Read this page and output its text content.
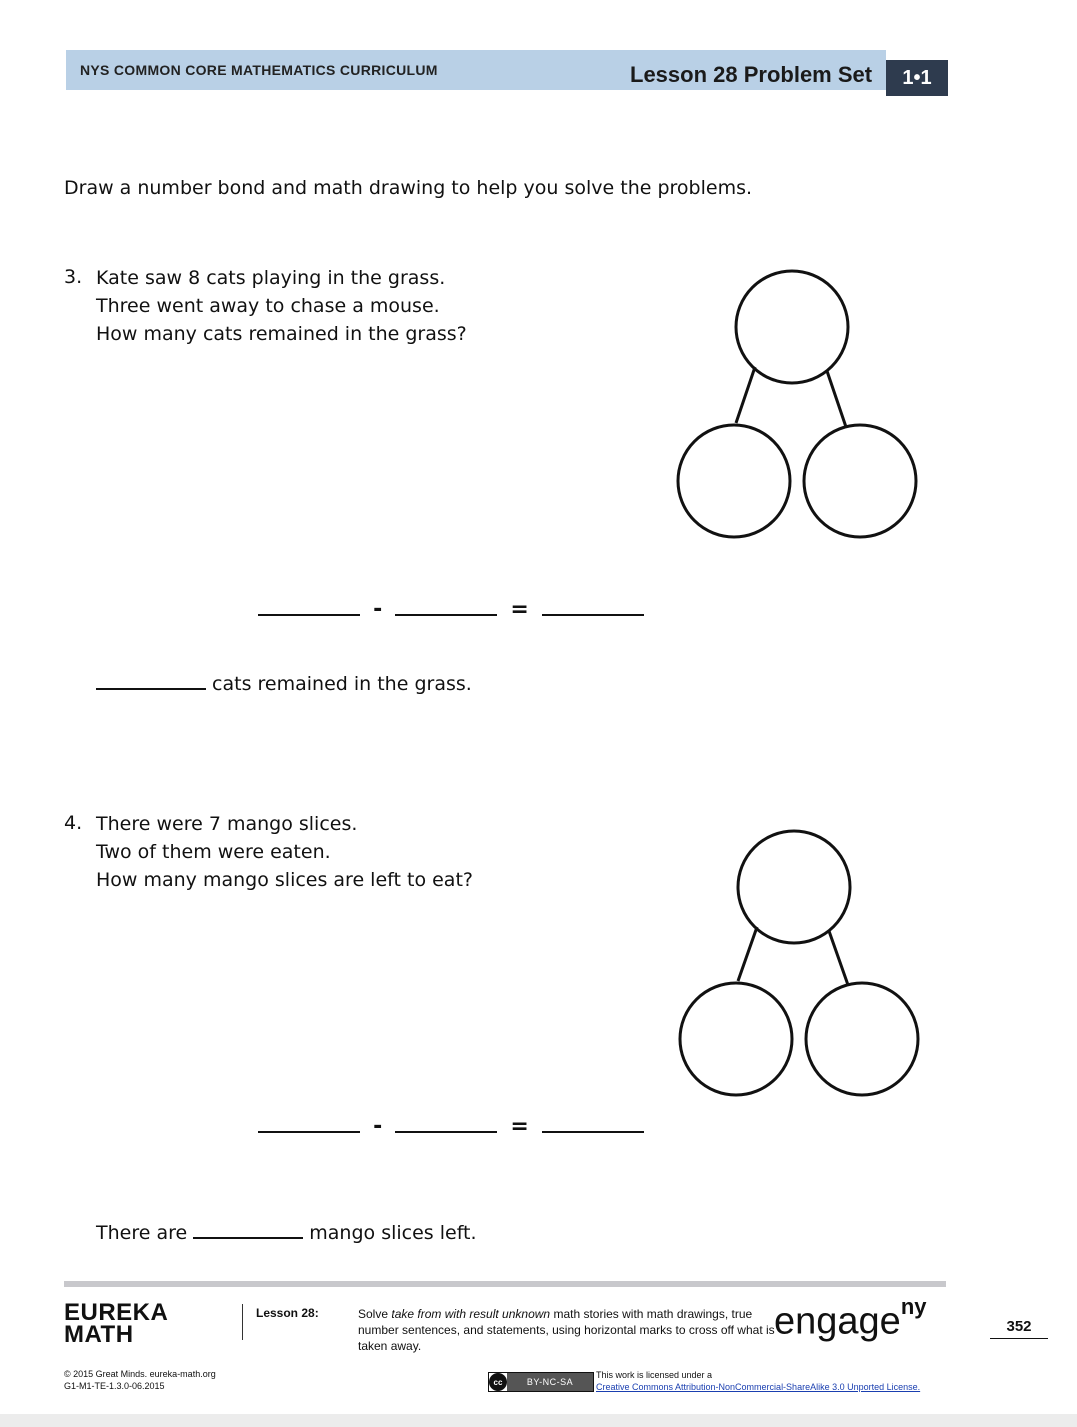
NYS COMMON CORE MATHEMATICS CURRICULUM	Lesson 28 Problem Set	1•1
Draw a number bond and math drawing to help you solve the problems.
3. Kate saw 8 cats playing in the grass.
Three went away to chase a mouse.
How many cats remained in the grass?
-	=
cats remained in the grass.
4. There were 7 mango slices.
Two of them were eaten.
How many mango slices are left to eat?
-	=
There are	mango slices left.
EUREKA
MATH
Lesson 28:	Solve take from with result unknown math stories with math drawings, true number sentences, and statements, using horizontal marks to cross off what is taken away.
engage$^{ny}$
352
© 2015 Great Minds. eureka-math.org
G1-M1-TE-1.3.0-06.2015	cc	BY-NC-SA
This work is licensed under a
Creative Commons Attribution-NonCommercial-ShareAlike 3.0 Unported License.
